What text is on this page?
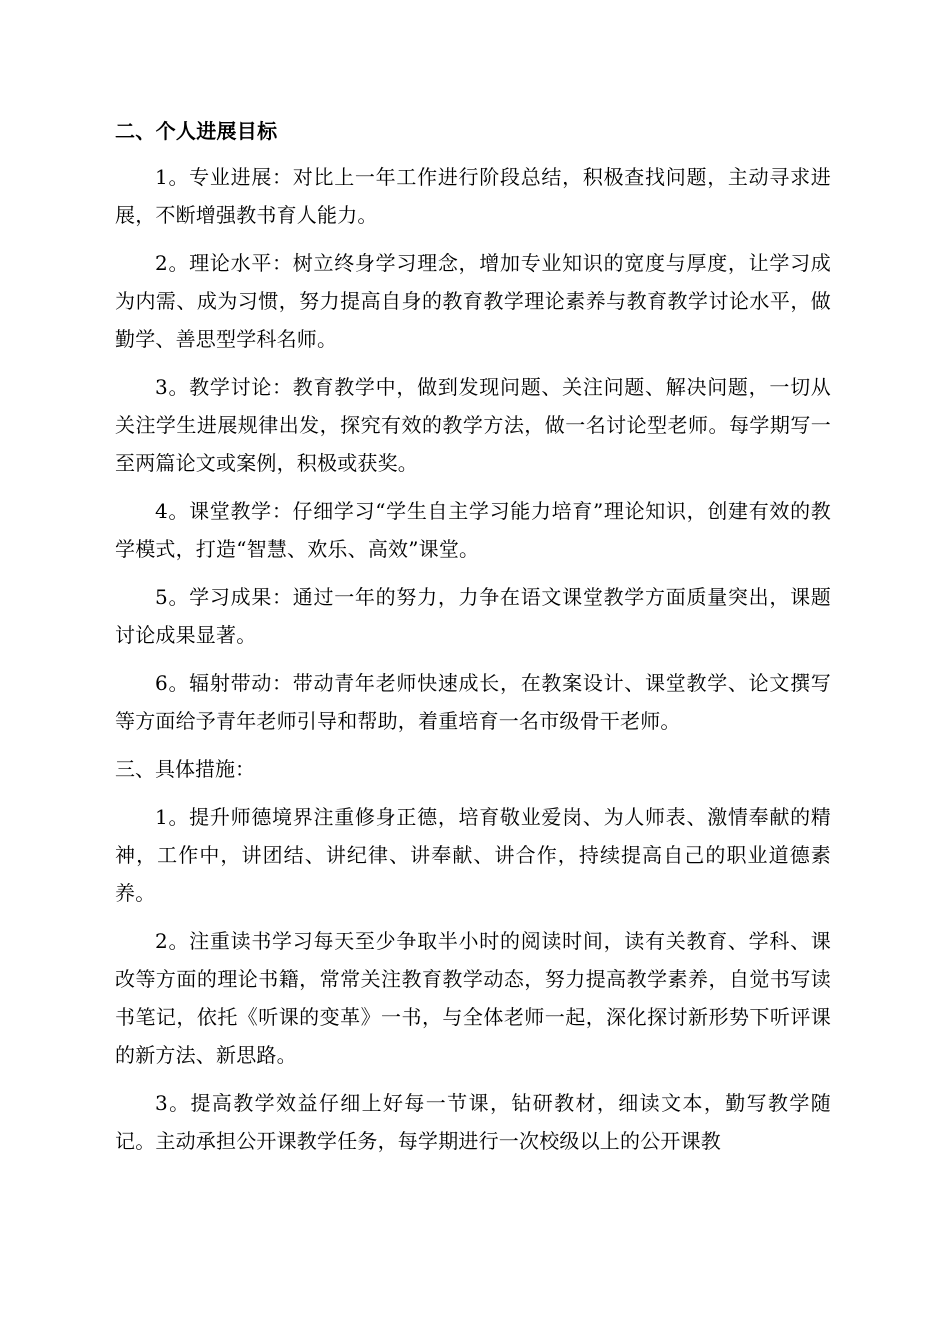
二、个人进展目标

1。专业进展：对比上一年工作进行阶段总结，积极查找问题，主动寻求进展，不断增强教书育人能力。

2。理论水平：树立终身学习理念，增加专业知识的宽度与厚度，让学习成为内需、成为习惯，努力提高自身的教育教学理论素养与教育教学讨论水平，做勤学、善思型学科名师。

3。教学讨论：教育教学中，做到发现问题、关注问题、解决问题，一切从关注学生进展规律出发，探究有效的教学方法，做一名讨论型老师。每学期写一至两篇论文或案例，积极或获奖。

4。课堂教学：仔细学习“学生自主学习能力培育”理论知识，创建有效的教学模式，打造“智慧、欢乐、高效”课堂。

5。学习成果：通过一年的努力，力争在语文课堂教学方面质量突出，课题讨论成果显著。

6。辐射带动：带动青年老师快速成长，在教案设计、课堂教学、论文撰写等方面给予青年老师引导和帮助，着重培育一名市级骨干老师。

三、具体措施：

1。提升师德境界注重修身正德，培育敬业爱岗、为人师表、激情奉献的精神，工作中，讲团结、讲纪律、讲奉献、讲合作，持续提高自己的职业道德素养。

2。注重读书学习每天至少争取半小时的阅读时间，读有关教育、学科、课改等方面的理论书籍，常常关注教育教学动态，努力提高教学素养，自觉书写读书笔记，依托《听课的变革》一书，与全体老师一起，深化探讨新形势下听评课的新方法、新思路。

3。提高教学效益仔细上好每一节课，钻研教材，细读文本，勤写教学随记。主动承担公开课教学任务，每学期进行一次校级以上的公开课教
